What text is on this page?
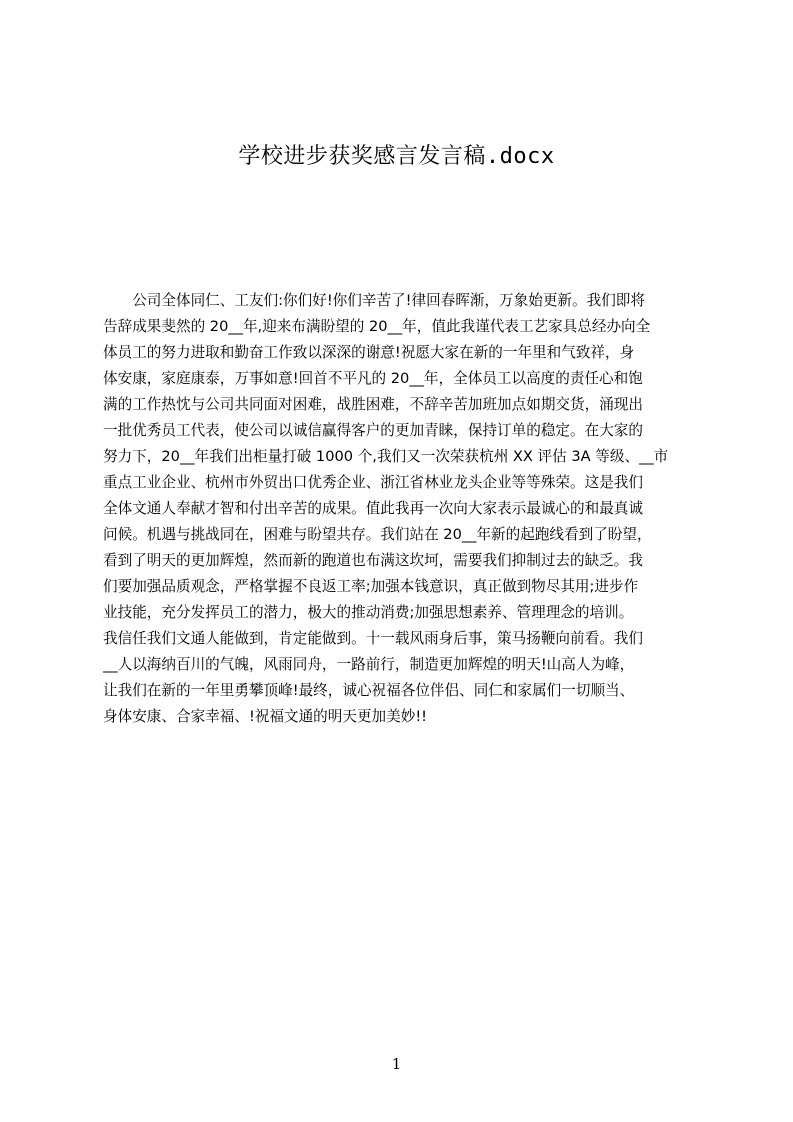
学校进步获奖感言发言稿.docx
　　公司全体同仁、工友们:你们好!你们辛苦了!律回春晖渐，万象始更新。我们即将
告辞成果斐然的 20__年,迎来布满盼望的 20__年，值此我谨代表工艺家具总经办向全
体员工的努力进取和勤奋工作致以深深的谢意!祝愿大家在新的一年里和气致祥，身
体安康，家庭康泰，万事如意!回首不平凡的 20__年，全体员工以高度的责任心和饱
满的工作热忱与公司共同面对困难，战胜困难，不辞辛苦加班加点如期交货，涌现出
一批优秀员工代表，使公司以诚信赢得客户的更加青睐，保持订单的稳定。在大家的
努力下，20__年我们出柜量打破 1000 个,我们又一次荣获杭州 XX 评估 3A 等级、__市
重点工业企业、杭州市外贸出口优秀企业、浙江省林业龙头企业等等殊荣。这是我们
全体文通人奉献才智和付出辛苦的成果。值此我再一次向大家表示最诚心的和最真诚
问候。机遇与挑战同在，困难与盼望共存。我们站在 20__年新的起跑线看到了盼望，
看到了明天的更加辉煌，然而新的跑道也布满这坎坷，需要我们抑制过去的缺乏。我
们要加强品质观念，严格掌握不良返工率;加强本钱意识，真正做到物尽其用;进步作
业技能，充分发挥员工的潜力，极大的推动消费;加强思想素养、管理理念的培训。
我信任我们文通人能做到，肯定能做到。十一载风雨身后事，策马扬鞭向前看。我们
__人以海纳百川的气魄，风雨同舟，一路前行，制造更加辉煌的明天!山高人为峰，
让我们在新的一年里勇攀顶峰!最终，诚心祝福各位伴侣、同仁和家属们一切顺当、
身体安康、合家幸福、!祝福文通的明天更加美妙!!
1
